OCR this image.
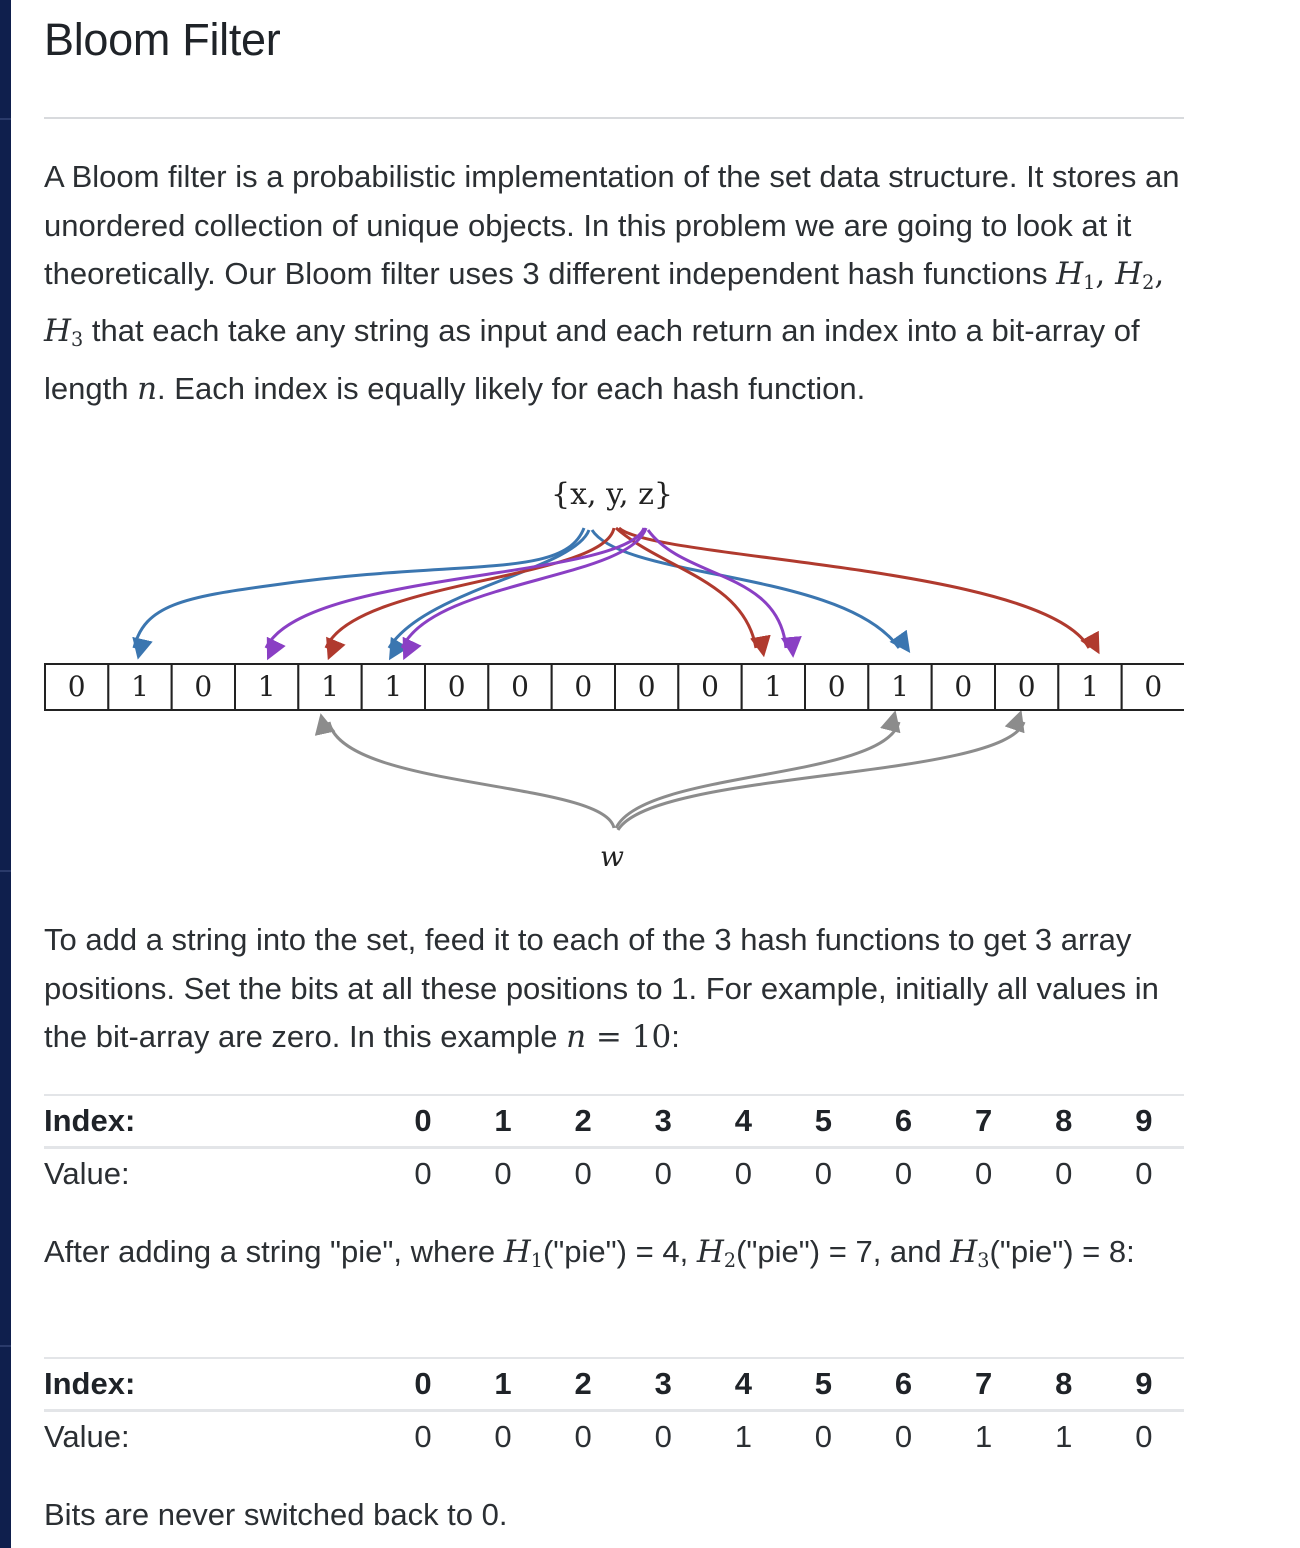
Bloom Filter

A Bloom filter is a probabilistic implementation of the set data structure. It stores an unordered collection of unique objects. In this problem we are going to look at it theoretically. Our Bloom filter uses 3 different independent hash functions $H_1$, $H_2$, $H_3$ that each take any string as input and each return an index into a bit-array of length n. Each index is equally likely for each hash function.

{x, y, z}
0 1 0 1 1 1 0 0 0 0 0 1 0 1 0 0 1 0
w

To add a string into the set, feed it to each of the 3 hash functions to get 3 array positions. Set the bits at all these positions to 1. For example, initially all values in the bit-array are zero. In this example n = 10:

Index:	0	1	2	3	4	5	6	7	8	9
Value:	0	0	0	0	0	0	0	0	0	0

After adding a string "pie", where $H_1("pie") = 4$, $H_2("pie") = 7$, and $H_3("pie") = 8$:

Index:	0	1	2	3	4	5	6	7	8	9
Value:	0	0	0	0	1	0	0	1	1	0

Bits are never switched back to 0.
